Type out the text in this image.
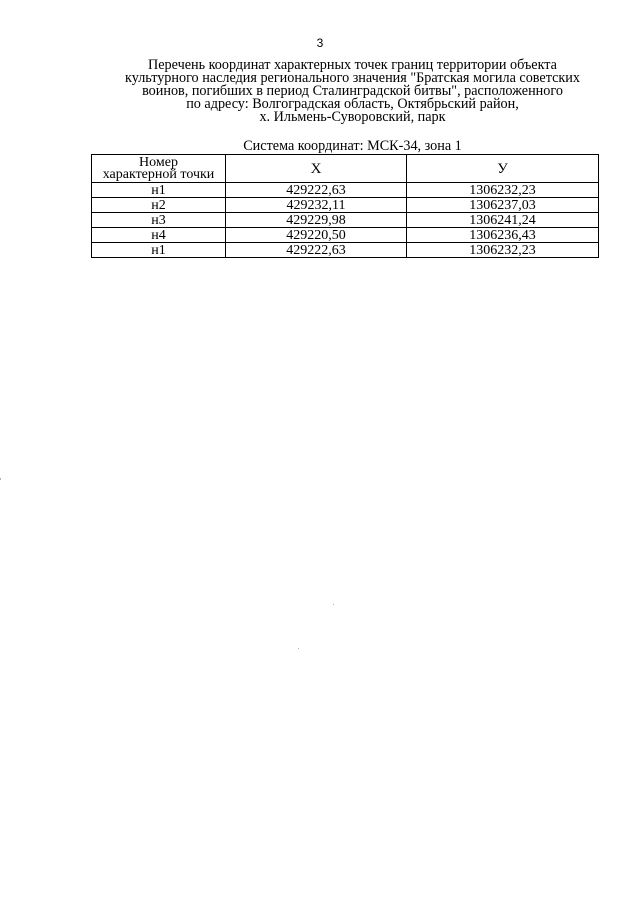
3
Перечень координат характерных точек границ территории объекта
культурного наследия регионального значения "Братская могила советских
воинов, погибших в период Сталинградской битвы", расположенного
по адресу: Волгоградская область, Октябрьский район,
х. Ильмень-Суворовский, парк
Система координат: МСК-34, зона 1
Номер
характерной точки	X	У
н1	429222,63	1306232,23
н2	429232,11	1306237,03
н3	429229,98	1306241,24
н4	429220,50	1306236,43
н1	429222,63	1306232,23
